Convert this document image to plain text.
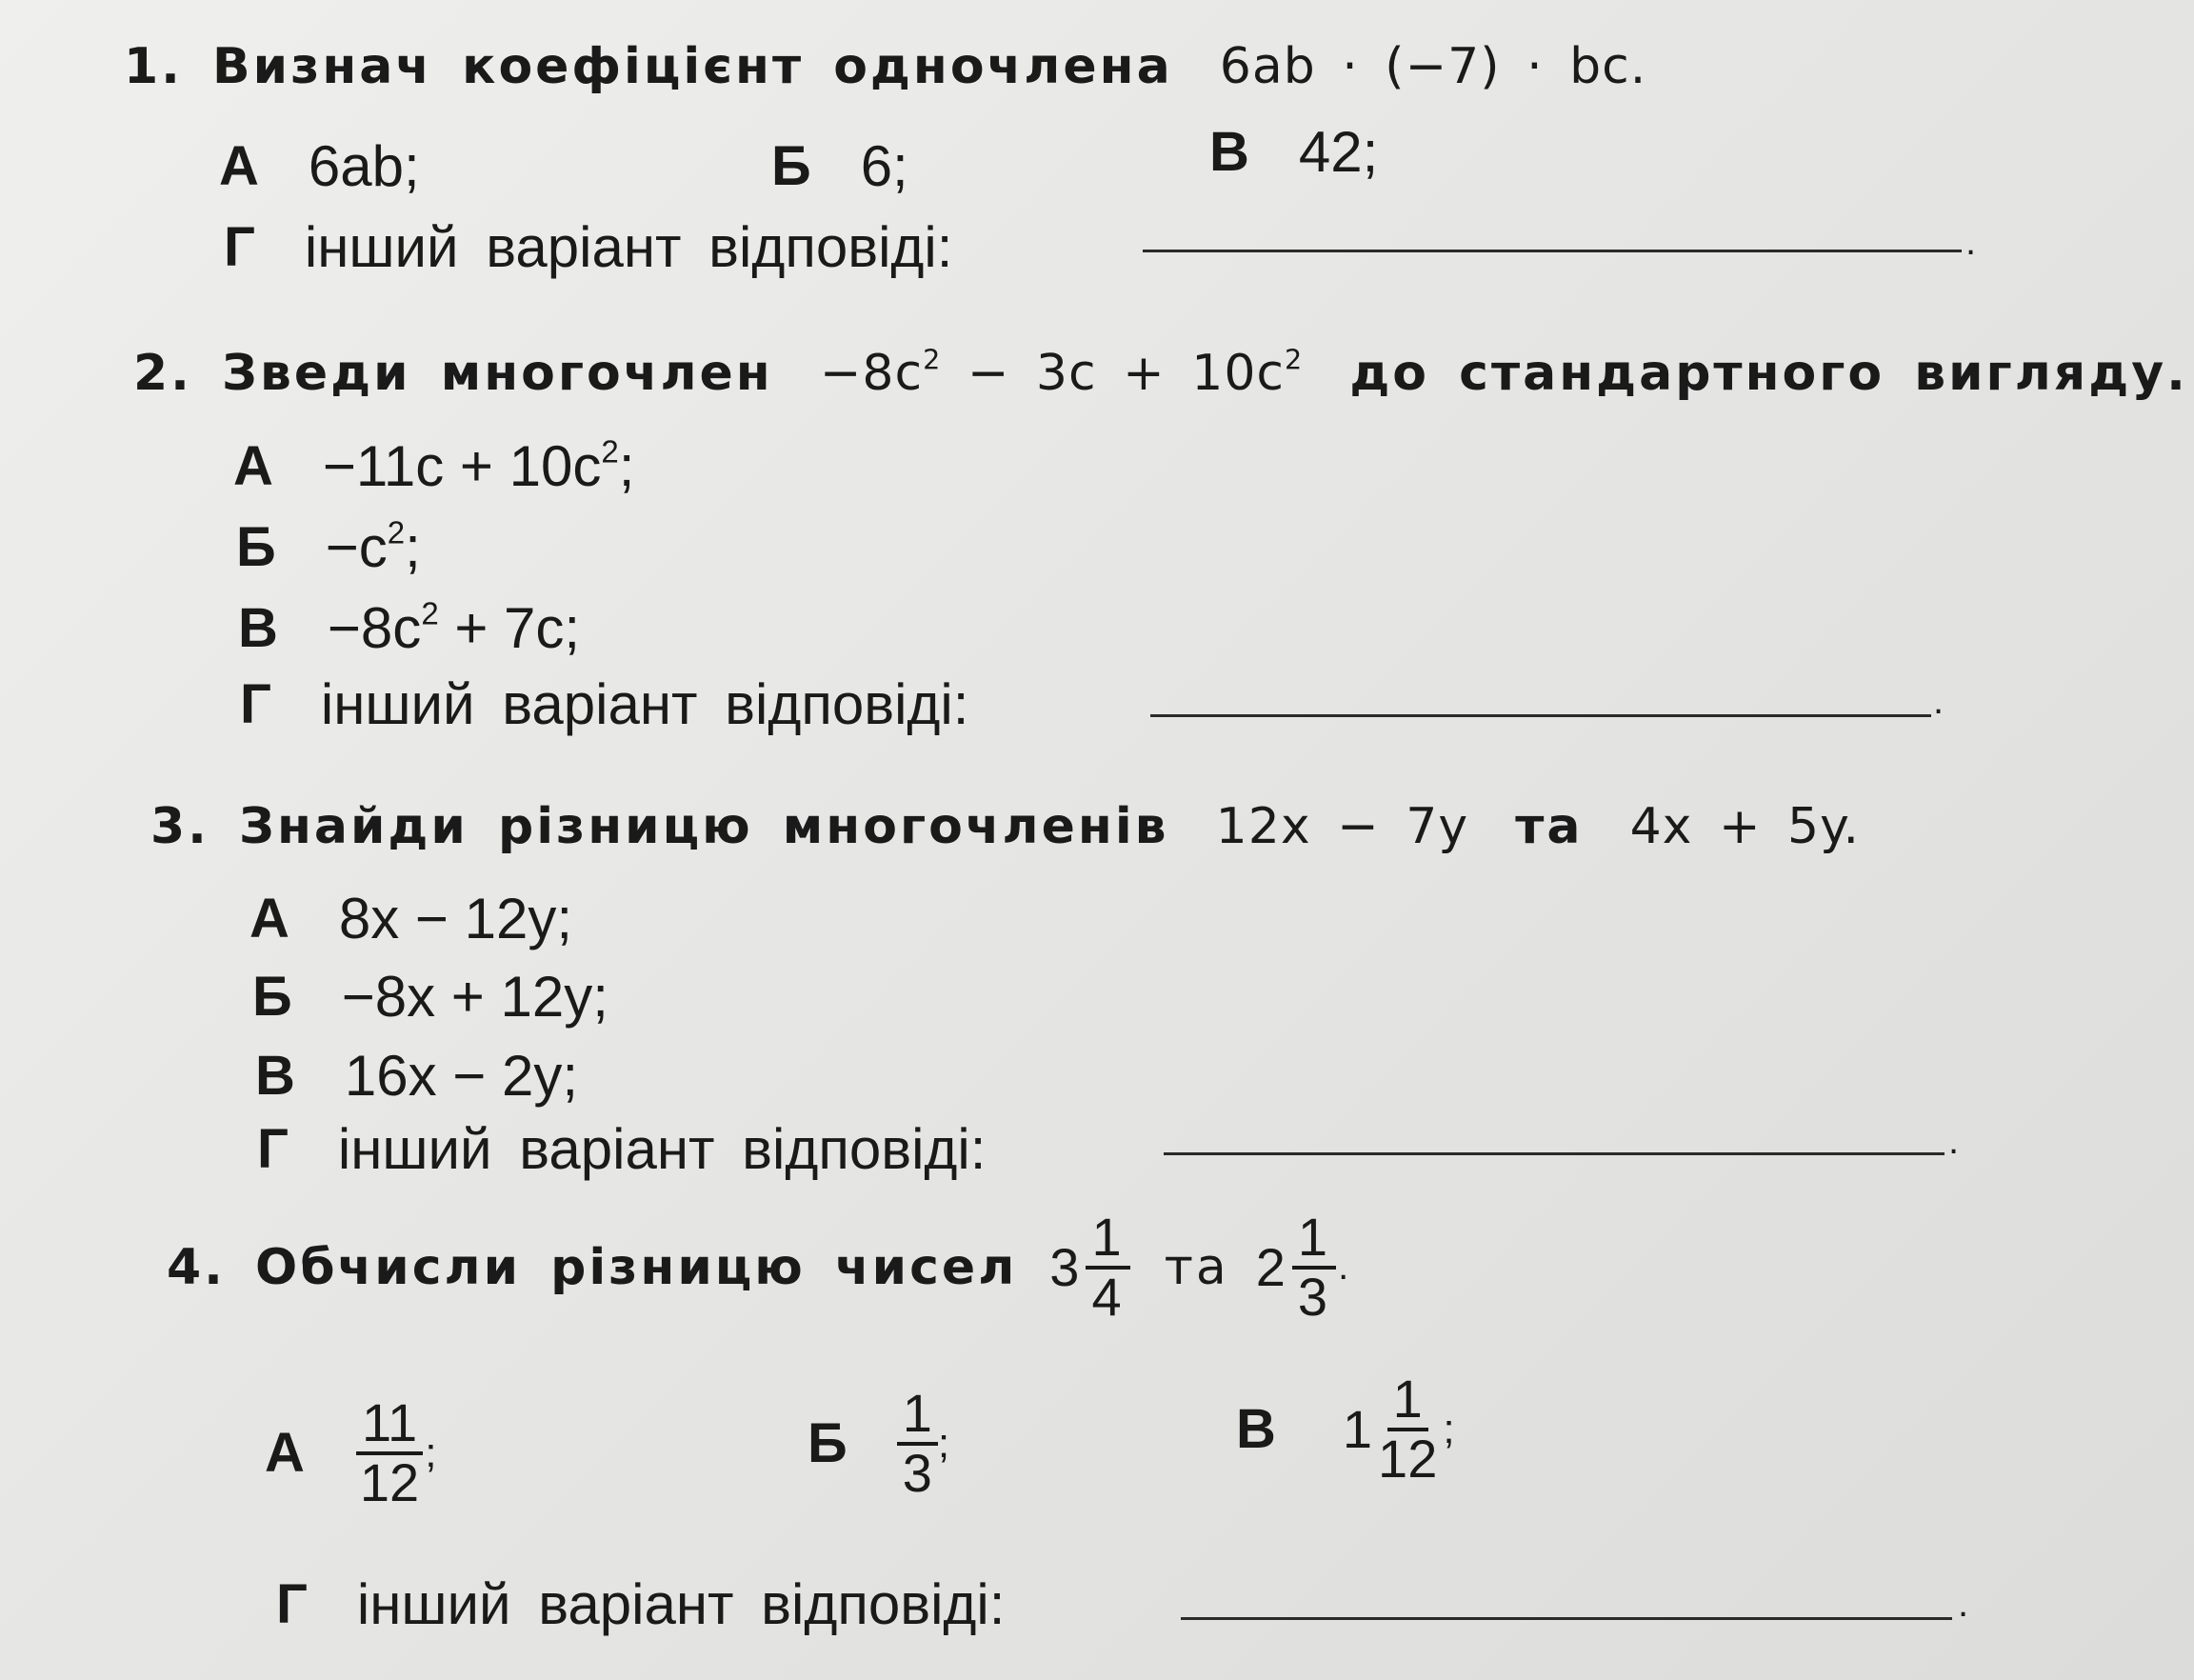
1. Визнач коефіцієнт одночлена 6ab · (−7) · bc.
А 6ab;	Б 6;	В 42;
Г інший варіант відповіді:	.
2. Зведи многочлен $-8c^2 - 3c + 10c^2$ до стандартного вигляду.
$А -11c + 10c^2$;
$Б -c^2$;
$В -8c^2 + 7c$;
Г інший варіант відповіді:	.
3. Знайди різницю многочленів 12x − 7y та 4x + 5y.
А 8x − 12y;
Б −8x + 12y;
В 16x − 2y;
Г інший варіант відповіді:	.
4. Обчисли різницю чисел $3 \frac{1}{4}$ та $2 \frac{1}{3}$ .
А $\frac{11}{12}$ ;	Б $\frac{1}{3}$ ;	В $1 \frac{1}{12}$ ;
Г інший варіант відповіді:	.
